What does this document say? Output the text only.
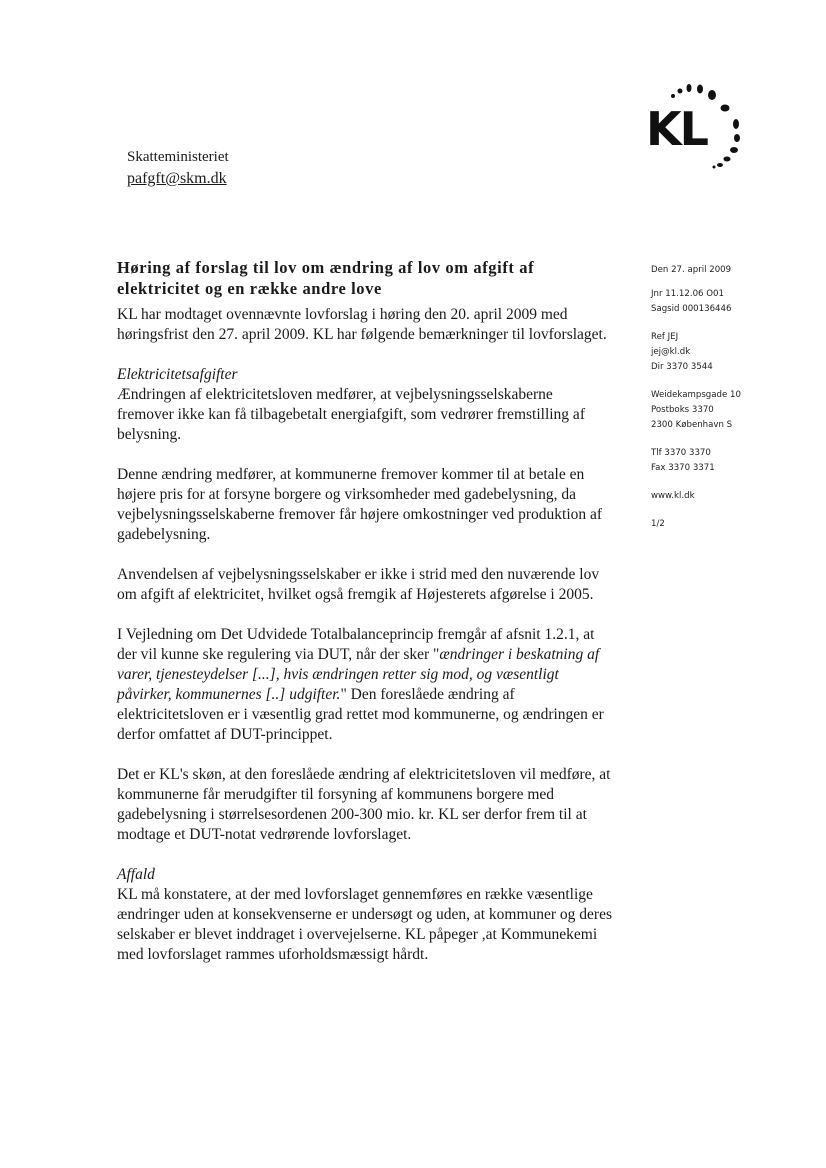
KL
Skatteministeriet
pafgft@skm.dk
Høring af forslag til lov om ændring af lov om afgift af elektricitet og en række andre love

KL har modtaget ovennævnte lovforslag i høring den 20. april 2009 med høringsfrist den 27. april 2009. KL har følgende bemærkninger til lovforslaget.

Elektricitetsafgifter

Ændringen af elektricitetsloven medfører, at vejbelysningsselskaberne fremover ikke kan få tilbagebetalt energiafgift, som vedrører fremstilling af belysning.

Denne ændring medfører, at kommunerne fremover kommer til at betale en højere pris for at forsyne borgere og virksomheder med gadebelysning, da vejbelysningsselskaberne fremover får højere omkostninger ved produktion af gadebelysning.

Anvendelsen af vejbelysningsselskaber er ikke i strid med den nuværende lov om afgift af elektricitet, hvilket også fremgik af Højesterets afgørelse i 2005.

I Vejledning om Det Udvidede Totalbalanceprincip fremgår af afsnit 1.2.1, at der vil kunne ske regulering via DUT, når der sker "ændringer i beskatning af varer, tjenesteydelser [...], hvis ændringen retter sig mod, og væsentligt påvirker, kommunernes [..] udgifter." Den foreslåede ændring af elektricitetsloven er i væsentlig grad rettet mod kommunerne, og ændringen er derfor omfattet af DUT-princippet.

Det er KL's skøn, at den foreslåede ændring af elektricitetsloven vil medføre, at kommunerne får merudgifter til forsyning af kommunens borgere med gadebelysning i størrelsesordenen 200-300 mio. kr. KL ser derfor frem til at modtage et DUT-notat vedrørende lovforslaget.

Affald

KL må konstatere, at der med lovforslaget gennemføres en række væsentlige ændringer uden at konsekvenserne er undersøgt og uden, at kommuner og deres selskaber er blevet inddraget i overvejelserne. KL påpeger ,at Kommunekemi med lovforslaget rammes uforholdsmæssigt hårdt.

Den 27. april 2009
Jnr 11.12.06 O01
Sagsid 000136446
Ref JEJ
jej@kl.dk
Dir 3370 3544
Weidekampsgade 10
Postboks 3370
2300 København S
Tlf 3370 3370
Fax 3370 3371
www.kl.dk
1/2
